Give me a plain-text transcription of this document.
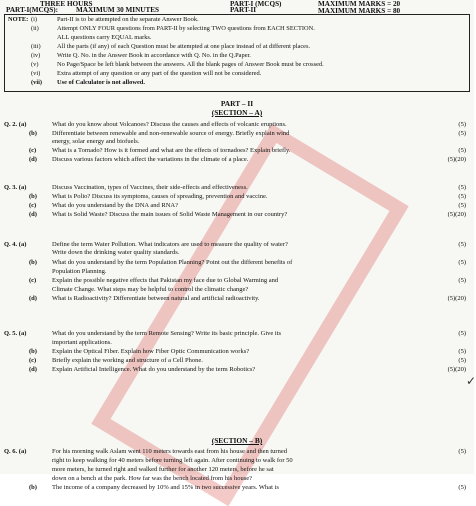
THREE HOURS
PART-I(MCQS): MAXIMUM 30 MINUTES
PART-I (MCQS)
PART-II
MAXIMUM MARKS = 20
MAXIMUM MARKS = 80
NOTE: (i)	Part-II is to be attempted on the separate Answer Book.
(ii)	Attempt ONLY FOUR questions from PART-II by selecting TWO questions from EACH SECTION.
ALL questions carry EQUAL marks.
(iii)	All the parts (if any) of each Question must be attempted at one place instead of at different places.
(iv)	Write Q. No. in the Answer Book in accordance with Q. No. in the Q.Paper.
(v)	No Page/Space be left blank between the answers. All the blank pages of Answer Book must be crossed.
(vi)	Extra attempt of any question or any part of the question will not be considered.
(vii)	Use of Calculator is not allowed.
PART – II
(SECTION – A)
Q. 2. (a)	What do you know about Volcanoes? Discuss the causes and effects of volcanic eruptions.	(5)
(b) Differentiate between renewable and non-renewable source of energy. Briefly explain wind	(5)
energy, solar energy and biofuels.
(c) What is a Tornado? How is it formed and what are the effects of tornadoes? Explain briefly.	(5)
(d) Discuss various factors which affect the variations in the climate of a place.	(5)(20)
Q. 3. (a)	Discuss Vaccination, types of Vaccines, their side-effects and effectiveness.	(5)
(b) What is Polio? Discuss its symptoms, causes of spreading, prevention and vaccine.	(5)
(c) What do you understand by the DNA and RNA?	(5)
(d) What is Solid Waste? Discuss the main issues of Solid Waste Management in our country?	(5)(20)
Q. 4. (a)	Define the term Water Pollution. What indicators are used to measure the quality of water?	(5)
Write down the drinking water quality standards.
(b) What do you understand by the term Population Planning? Point out the different benefits of	(5)
Population Planning.
(c) Explain the possible negative effects that Pakistan my face due to Global Warming and	(5)
Climate Change. What steps may be helpful to control the climatic change?
(d) What is Radioactivity? Differentiate between natural and artificial radioactivity.	(5)(20)
Q. 5. (a)	What do you understand by the term Remote Sensing? Write its basic principle. Give its	(5)
important applications.
(b) Explain the Optical Fiber. Explain how Fiber Optic Communication works?	(5)
(c) Briefly explain the working and structure of a Cell Phone.	(5)
(d) Explain Artificial Intelligence. What do you understand by the term Robotics?	(5)(20)
Q. 6. (a)	For his morning walk Aslam went 110 meters towards east from his house and then turned	(5)
right to keep walking for 40 meters before turning left again. After continuing to walk for 50
more meters, he turned right and walked further for another 120 meters, before he sat
down on a bench at the park. How far was the bench located from his house?
(b) The income of a company decreased by 10% and 15% in two successive years. What is	(5)
(SECTION – B)
✓
